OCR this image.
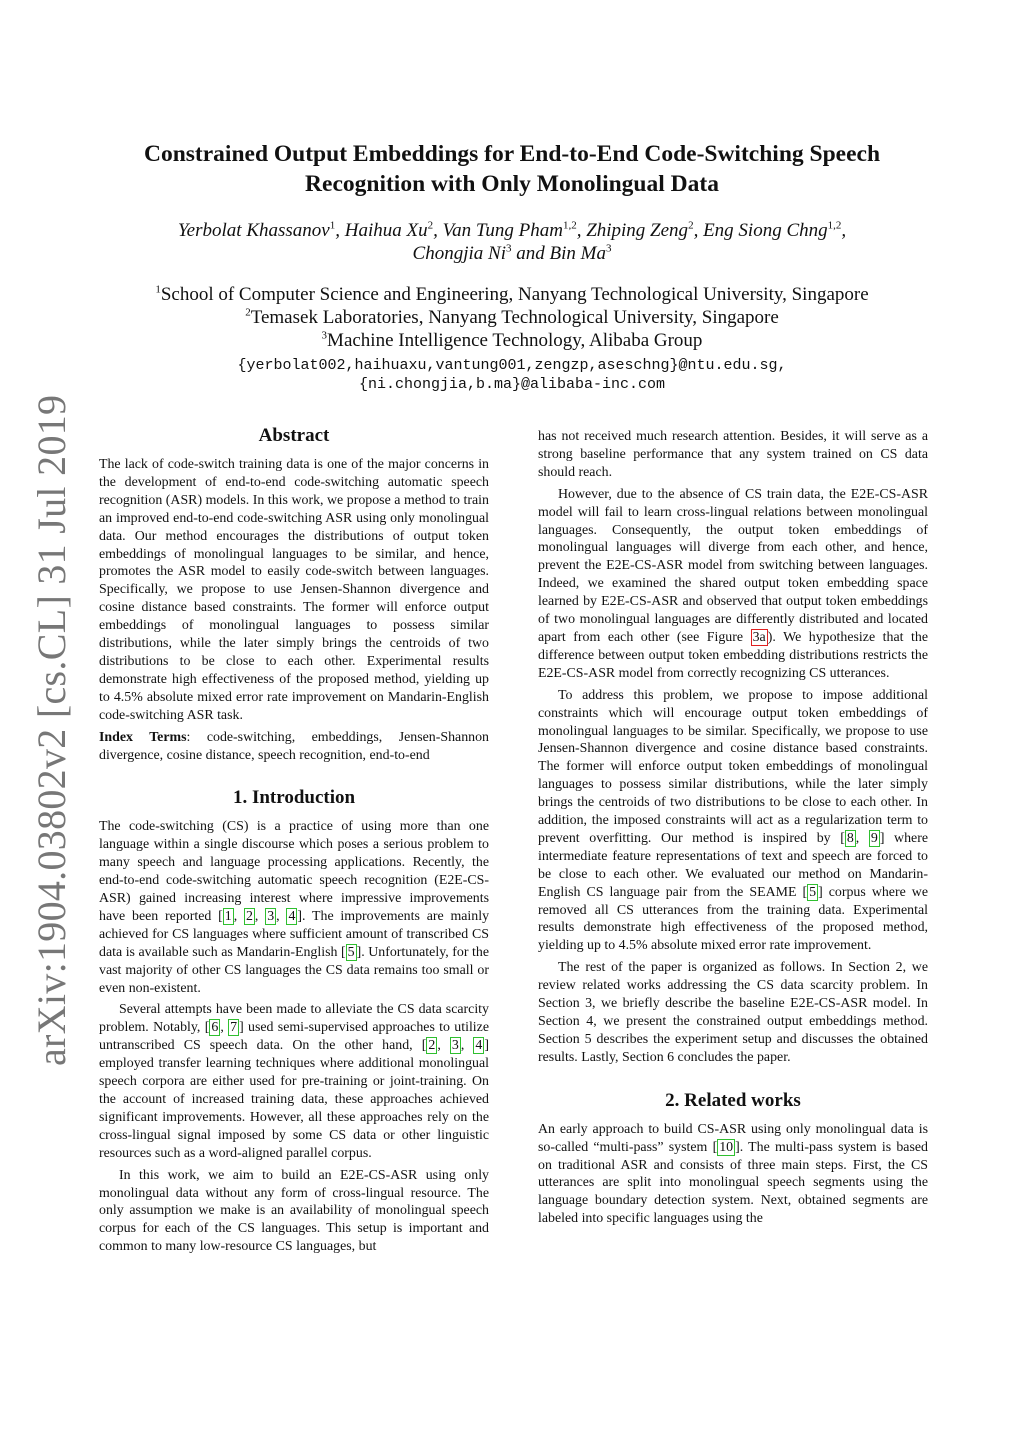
arXiv:1904.03802v2 [cs.CL] 31 Jul 2019
Constrained Output Embeddings for End-to-End Code-Switching Speech
Recognition with Only Monolingual Data
Yerbolat Khassanov$^1$, Haihua Xu$^2$, Van Tung Pham$^{1,2}$, Zhiping Zeng$^2$, Eng Siong Chng$^{1,2}$,
Chongjia Ni$^3$ and Bin Ma$^3$
$^1$School of Computer Science and Engineering, Nanyang Technological University, Singapore
$^2$Temasek Laboratories, Nanyang Technological University, Singapore
$^3$Machine Intelligence Technology, Alibaba Group
{yerbolat002,haihuaxu,vantung001,zengzp,aseschng}@ntu.edu.sg,
{ni.chongjia,b.ma}@alibaba-inc.com
Abstract

The lack of code-switch training data is one of the major concerns in the development of end-to-end code-switching automatic speech recognition (ASR) models. In this work, we propose a method to train an improved end-to-end code-switching ASR using only monolingual data. Our method encourages the distributions of output token embeddings of monolingual languages to be similar, and hence, promotes the ASR model to easily code-switch between languages. Specifically, we propose to use Jensen-Shannon divergence and cosine distance based constraints. The former will enforce output embeddings of monolingual languages to possess similar distributions, while the later simply brings the centroids of two distributions to be close to each other. Experimental results demonstrate high effectiveness of the proposed method, yielding up to 4.5% absolute mixed error rate improvement on Mandarin-English code-switching ASR task.

Index Terms: code-switching, embeddings, Jensen-Shannon divergence, cosine distance, speech recognition, end-to-end

1. Introduction

The code-switching (CS) is a practice of using more than one language within a single discourse which poses a serious problem to many speech and language processing applications. Recently, the end-to-end code-switching automatic speech recognition (E2E-CS-ASR) gained increasing interest where impressive improvements have been reported [ 1 , 2 , 3 , 4 ]. The improvements are mainly achieved for CS languages where sufficient amount of transcribed CS data is available such as Mandarin-English [ 5 ]. Unfortunately, for the vast majority of other CS languages the CS data remains too small or even non-existent.

Several attempts have been made to alleviate the CS data scarcity problem. Notably, [ 6 , 7 ] used semi-supervised approaches to utilize untranscribed CS speech data. On the other hand, [ 2 , 3 , 4 ] employed transfer learning techniques where additional monolingual speech corpora are either used for pre-training or joint-training. On the account of increased training data, these approaches achieved significant improvements. However, all these approaches rely on the cross-lingual signal imposed by some CS data or other linguistic resources such as a word-aligned parallel corpus.

In this work, we aim to build an E2E-CS-ASR using only monolingual data without any form of cross-lingual resource. The only assumption we make is an availability of monolingual speech corpus for each of the CS languages. This setup is important and common to many low-resource CS languages, but

has not received much research attention. Besides, it will serve as a strong baseline performance that any system trained on CS data should reach.

However, due to the absence of CS train data, the E2E-CS-ASR model will fail to learn cross-lingual relations between monolingual languages. Consequently, the output token embeddings of monolingual languages will diverge from each other, and hence, prevent the E2E-CS-ASR model from switching between languages. Indeed, we examined the shared output token embedding space learned by E2E-CS-ASR and observed that output token embeddings of two monolingual languages are differently distributed and located apart from each other (see Figure 3a ). We hypothesize that the difference between output token embedding distributions restricts the E2E-CS-ASR model from correctly recognizing CS utterances.

To address this problem, we propose to impose additional constraints which will encourage output token embeddings of monolingual languages to be similar. Specifically, we propose to use Jensen-Shannon divergence and cosine distance based constraints. The former will enforce output token embeddings of monolingual languages to possess similar distributions, while the later simply brings the centroids of two distributions to be close to each other. In addition, the imposed constraints will act as a regularization term to prevent overfitting. Our method is inspired by [ 8 , 9 ] where intermediate feature representations of text and speech are forced to be close to each other. We evaluated our method on Mandarin-English CS language pair from the SEAME [ 5 ] corpus where we removed all CS utterances from the training data. Experimental results demonstrate high effectiveness of the proposed method, yielding up to 4.5% absolute mixed error rate improvement.

The rest of the paper is organized as follows. In Section 2, we review related works addressing the CS data scarcity problem. In Section 3, we briefly describe the baseline E2E-CS-ASR model. In Section 4, we present the constrained output embeddings method. Section 5 describes the experiment setup and discusses the obtained results. Lastly, Section 6 concludes the paper.

2. Related works

An early approach to build CS-ASR using only monolingual data is so-called “multi-pass” system [ 10 ]. The multi-pass system is based on traditional ASR and consists of three main steps. First, the CS utterances are split into monolingual speech segments using the language boundary detection system. Next, obtained segments are labeled into specific languages using the
